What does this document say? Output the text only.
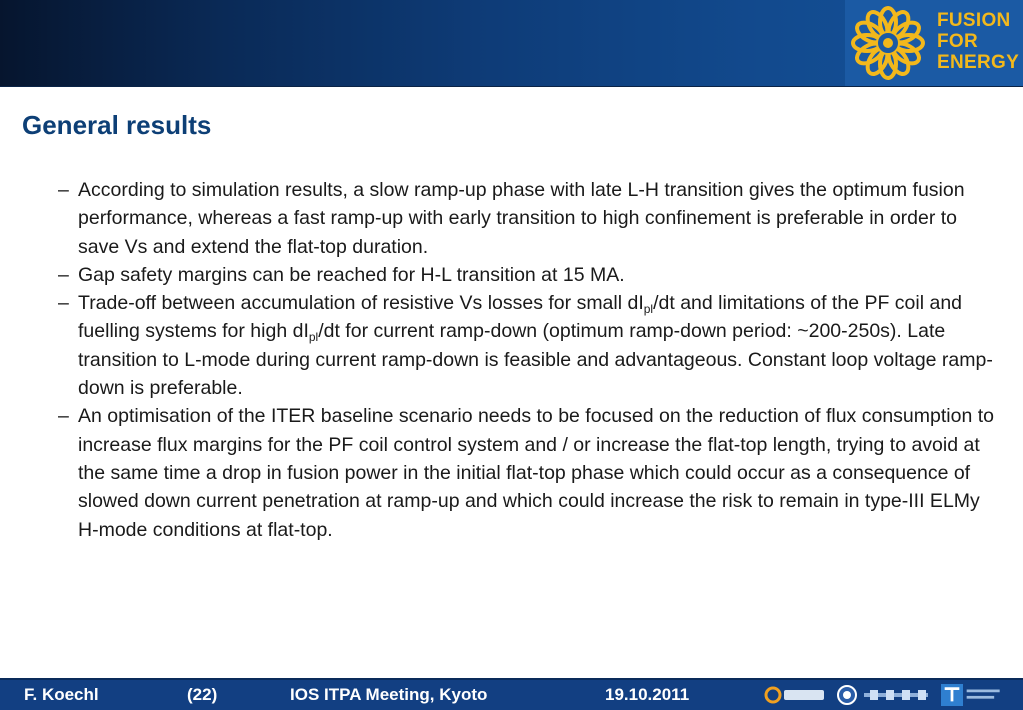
FUSION
FOR
ENERGY
General results
– According to simulation results, a slow ramp-up phase with late L-H transition gives the optimum fusion performance, whereas a fast ramp-up with early transition to high confinement is preferable in order to save Vs and extend the flat-top duration.
– Gap safety margins can be reached for H-L transition at 15 MA.
– Trade-off between accumulation of resistive Vs losses for small $dI_{pl}/dt$ and limitations of the PF coil and fuelling systems for high $dI_{pl}/dt$ for current ramp-down (optimum ramp-down period: ~200-250s). Late transition to L-mode during current ramp-down is feasible and advantageous. Constant loop voltage ramp-down is preferable.
– An optimisation of the ITER baseline scenario needs to be focused on the reduction of flux consumption to increase flux margins for the PF coil control system and / or increase the flat-top length, trying to avoid at the same time a drop in fusion power in the initial flat-top phase which could occur as a consequence of slowed down current penetration at ramp-up and which could increase the risk to remain in type-III ELMy H-mode conditions at flat-top.
F. Koechl	(22)	IOS ITPA Meeting, Kyoto	19.10.2011
